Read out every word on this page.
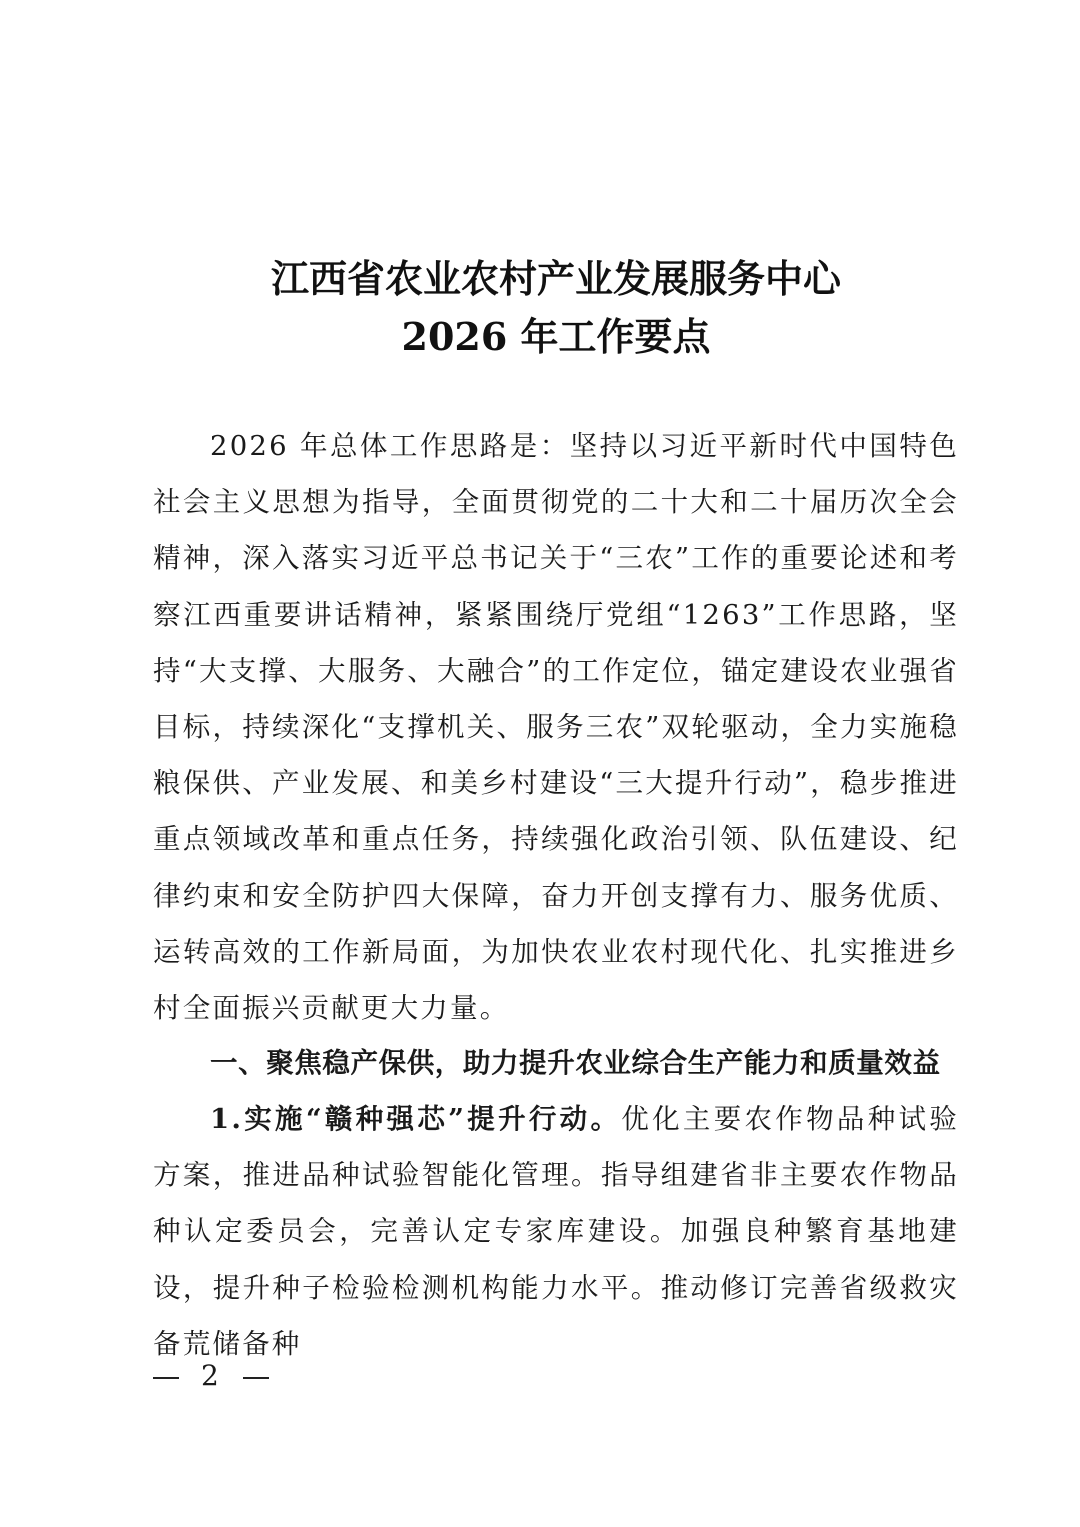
江西省农业农村产业发展服务中心
2026 年工作要点

2026 年总体工作思路是：坚持以习近平新时代中国特色社会主义思想为指导，全面贯彻党的二十大和二十届历次全会精神，深入落实习近平总书记关于“三农”工作的重要论述和考察江西重要讲话精神，紧紧围绕厅党组“1263”工作思路，坚持“大支撑、大服务、大融合”的工作定位，锚定建设农业强省目标，持续深化“支撑机关、服务三农”双轮驱动，全力实施稳粮保供、产业发展、和美乡村建设“三大提升行动”，稳步推进重点领域改革和重点任务，持续强化政治引领、队伍建设、纪律约束和安全防护四大保障，奋力开创支撑有力、服务优质、运转高效的工作新局面，为加快农业农村现代化、扎实推进乡村全面振兴贡献更大力量。

一、聚焦稳产保供，助力提升农业综合生产能力和质量效益

1.实施“赣种强芯”提升行动。优化主要农作物品种试验方案，推进品种试验智能化管理。指导组建省非主要农作物品种认定委员会，完善认定专家库建设。加强良种繁育基地建设，提升种子检验检测机构能力水平。推动修订完善省级救灾备荒储备种

2
